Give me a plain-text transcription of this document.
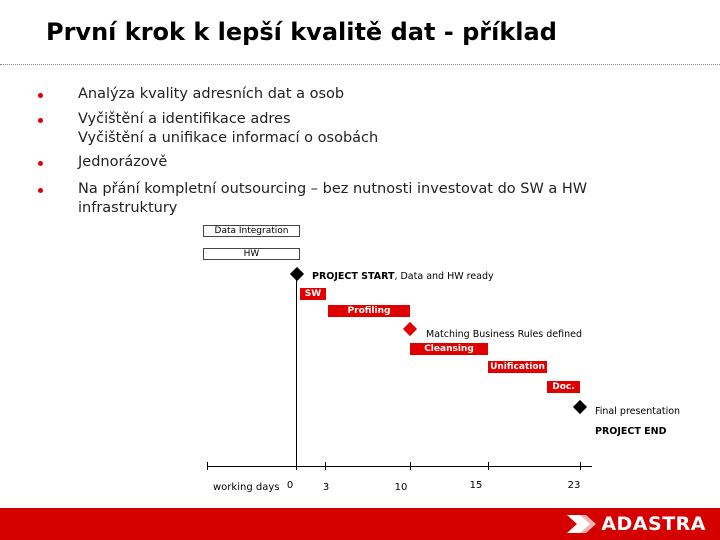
První krok k lepší kvalitě dat - příklad
Analýza kvality adresních dat a osob
Vyčištění a identifikace adres
Vyčištění a unifikace informací o osobách
Jednorázově
Na přání kompletní outsourcing – bez nutnosti investovat do SW a HW
infrastruktury
Data Integration
HW
PROJECT START, Data and HW ready
SW
Profiling
Matching Business Rules defined
Cleansing
Unification
Doc.
Final presentation
PROJECT END
working days 0	3	10	15	23
ADASTRA
